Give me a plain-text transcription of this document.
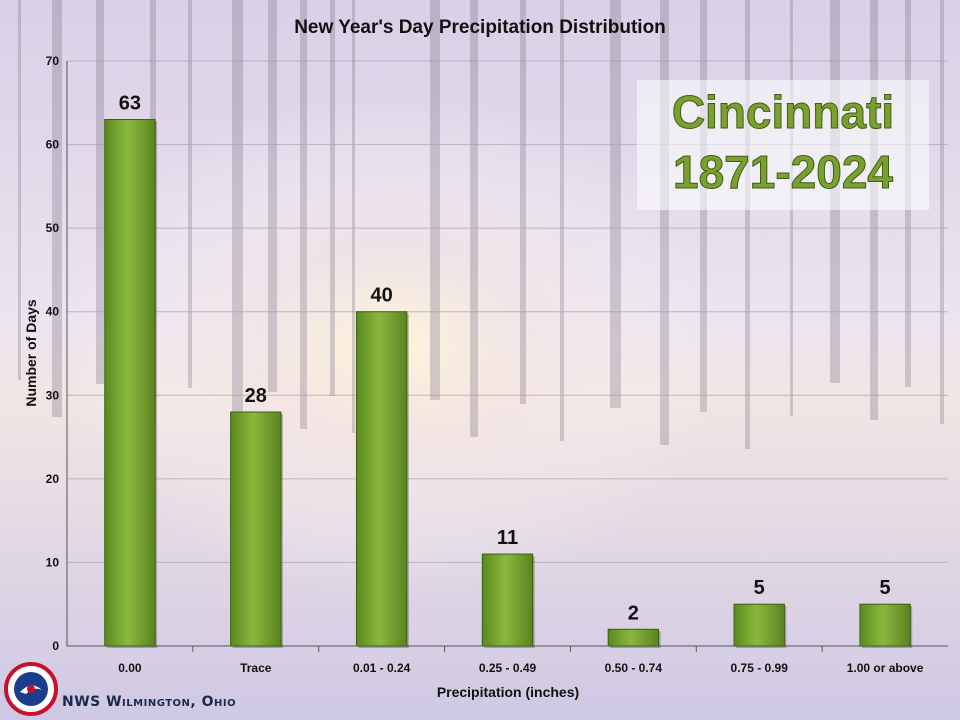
0
10
20
30
40
50
60
70
63
0.00
28
Trace
40
0.01 - 0.24
11
0.25 - 0.49
2
0.50 - 0.74
5
0.75 - 0.99
5
1.00 or above
New Year's Day Precipitation Distribution
Precipitation (inches)
Number of Days
Cincinnati
1871-2024
NWS Wilmington, Ohio
